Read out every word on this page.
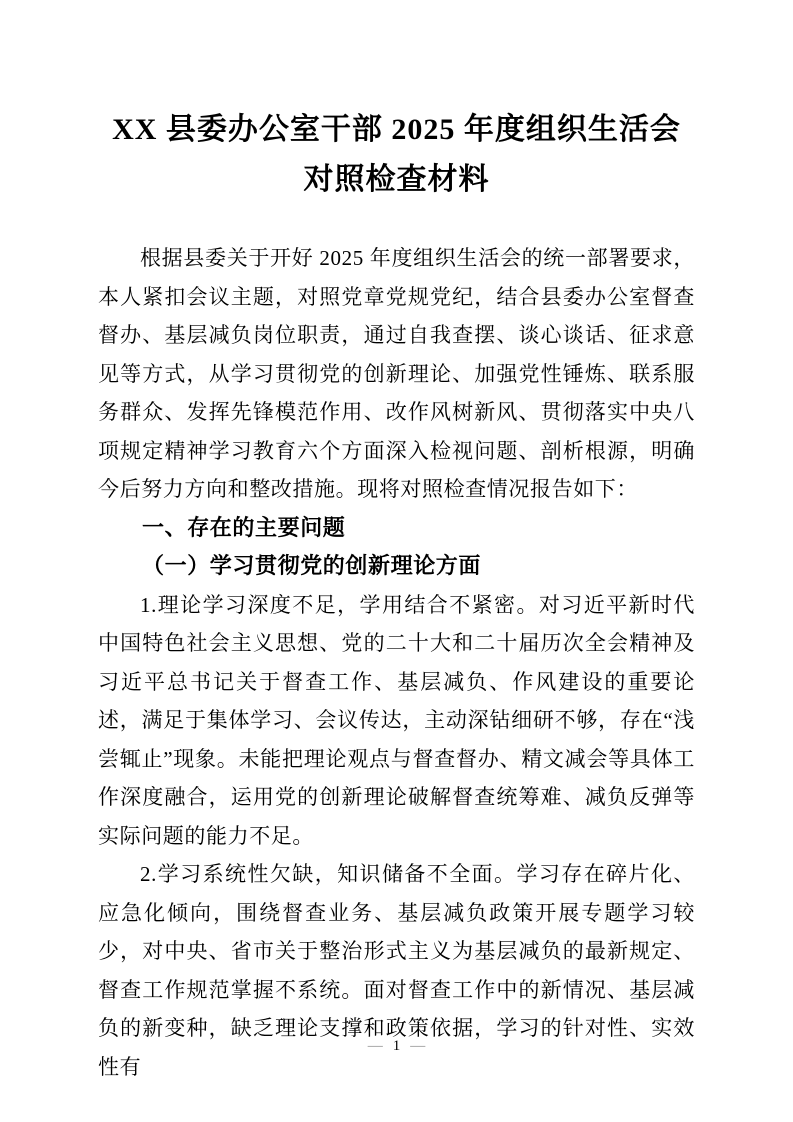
XX 县委办公室干部 2025 年度组织生活会
对照检查材料

根据县委关于开好 2025 年度组织生活会的统一部署要求，本人紧扣会议主题，对照党章党规党纪，结合县委办公室督查督办、基层减负岗位职责，通过自我查摆、谈心谈话、征求意见等方式，从学习贯彻党的创新理论、加强党性锤炼、联系服务群众、发挥先锋模范作用、改作风树新风、贯彻落实中央八项规定精神学习教育六个方面深入检视问题、剖析根源，明确今后努力方向和整改措施。现将对照检查情况报告如下：

一、存在的主要问题

（一）学习贯彻党的创新理论方面

1.理论学习深度不足，学用结合不紧密。对习近平新时代中国特色社会主义思想、党的二十大和二十届历次全会精神及习近平总书记关于督查工作、基层减负、作风建设的重要论述，满足于集体学习、会议传达，主动深钻细研不够，存在“浅尝辄止”现象。未能把理论观点与督查督办、精文减会等具体工作深度融合，运用党的创新理论破解督查统筹难、减负反弹等实际问题的能力不足。

2.学习系统性欠缺，知识储备不全面。学习存在碎片化、应急化倾向，围绕督查业务、基层减负政策开展专题学习较少，对中央、省市关于整治形式主义为基层减负的最新规定、督查工作规范掌握不系统。面对督查工作中的新情况、基层减负的新变种，缺乏理论支撑和政策依据，学习的针对性、实效性有

— 1 —
